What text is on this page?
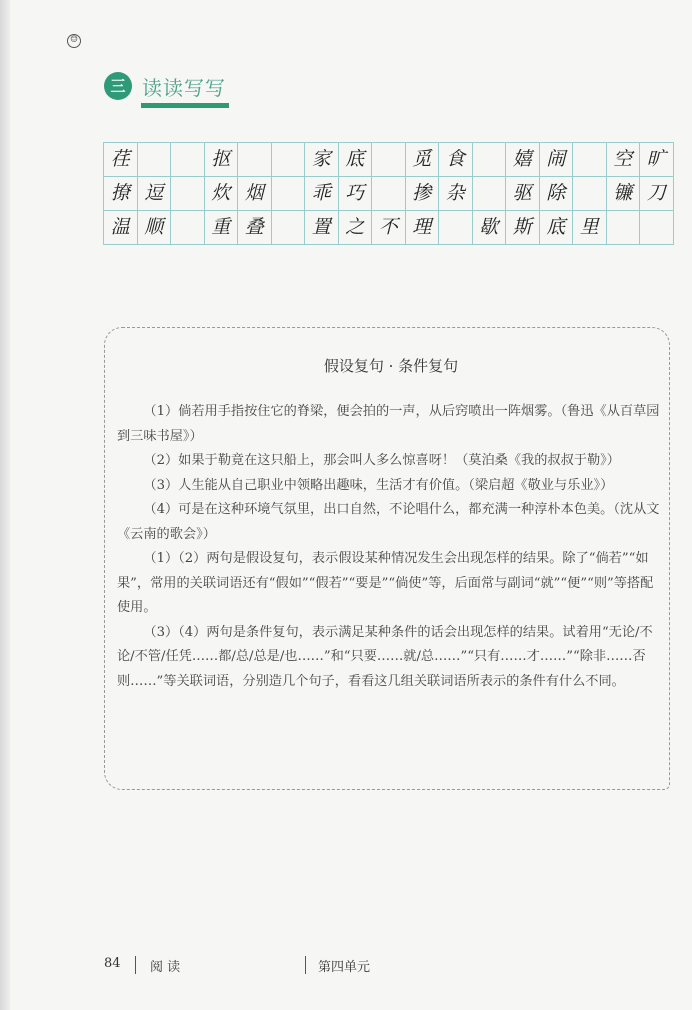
☺
三 读读写写
荏	抠	家 底	觅 食	嬉 闹	空 旷
撩 逗	炊 烟	乖 巧	掺 杂	驱 除	镰 刀
温 顺	重 叠	置 之 不 理	歇 斯 底 里
假设复句 · 条件复句

（1）倘若用手指按住它的脊梁，便会拍的一声，从后窍喷出一阵烟雾。（鲁迅《从百草园到三味书屋》）

（2）如果于勒竟在这只船上，那会叫人多么惊喜呀！（莫泊桑《我的叔叔于勒》）

（3）人生能从自己职业中领略出趣味，生活才有价值。（梁启超《敬业与乐业》）

（4）可是在这种环境气氛里，出口自然，不论唱什么，都充满一种淳朴本色美。（沈从文《云南的歌会》）

（1）（2）两句是假设复句，表示假设某种情况发生会出现怎样的结果。除了“倘若”“如果”，常用的关联词语还有“假如”“假若”“要是”“倘使”等，后面常与副词“就”“便”“则”等搭配使用。

（3）（4）两句是条件复句，表示满足某种条件的话会出现怎样的结果。试着用“无论/不论/不管/任凭……都/总/总是/也……”和“只要……就/总……”“只有……才……”“除非……否则……”等关联词语，分别造几个句子，看看这几组关联词语所表示的条件有什么不同。

84 阅 读	第四单元
